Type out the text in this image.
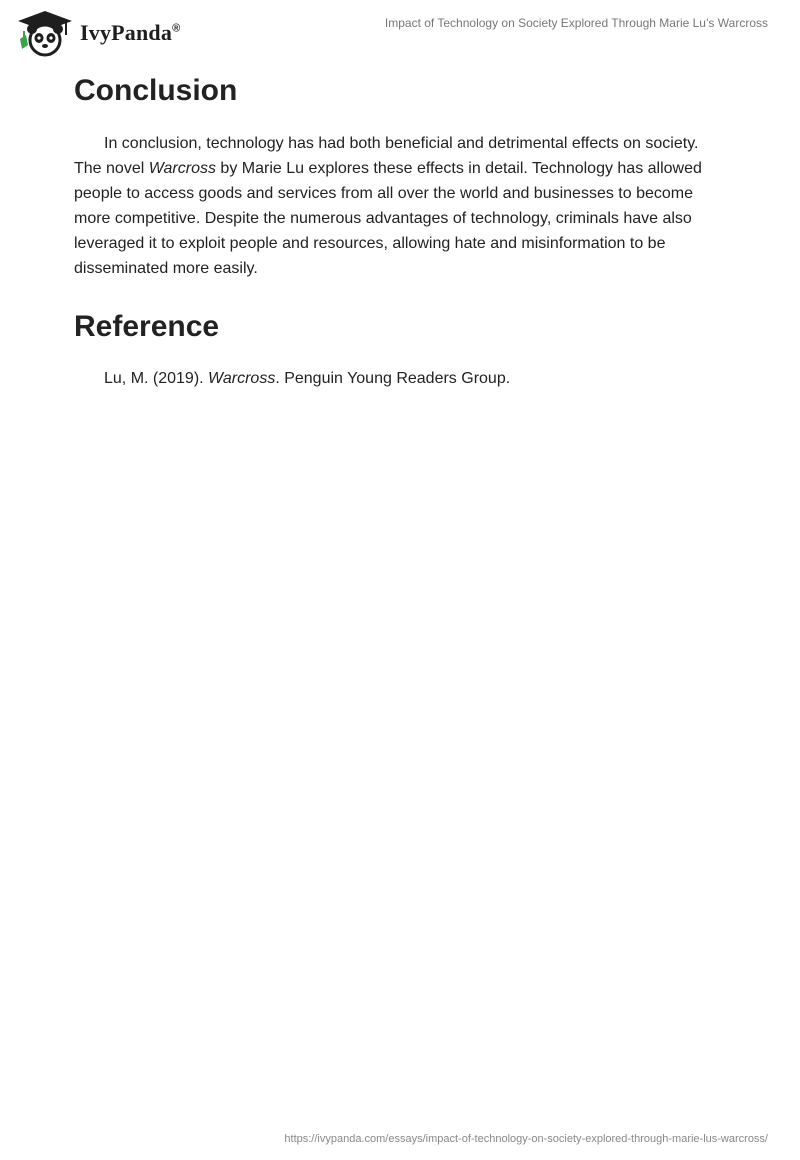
IvyPanda®	Impact of Technology on Society Explored Through Marie Lu’s Warcross
Conclusion

In conclusion, technology has had both beneficial and detrimental effects on society. The novel Warcross by Marie Lu explores these effects in detail. Technology has allowed people to access goods and services from all over the world and businesses to become more competitive. Despite the numerous advantages of technology, criminals have also leveraged it to exploit people and resources, allowing hate and misinformation to be disseminated more easily.

Reference

Lu, M. (2019). Warcross. Penguin Young Readers Group.

https://ivypanda.com/essays/impact-of-technology-on-society-explored-through-marie-lus-warcross/
